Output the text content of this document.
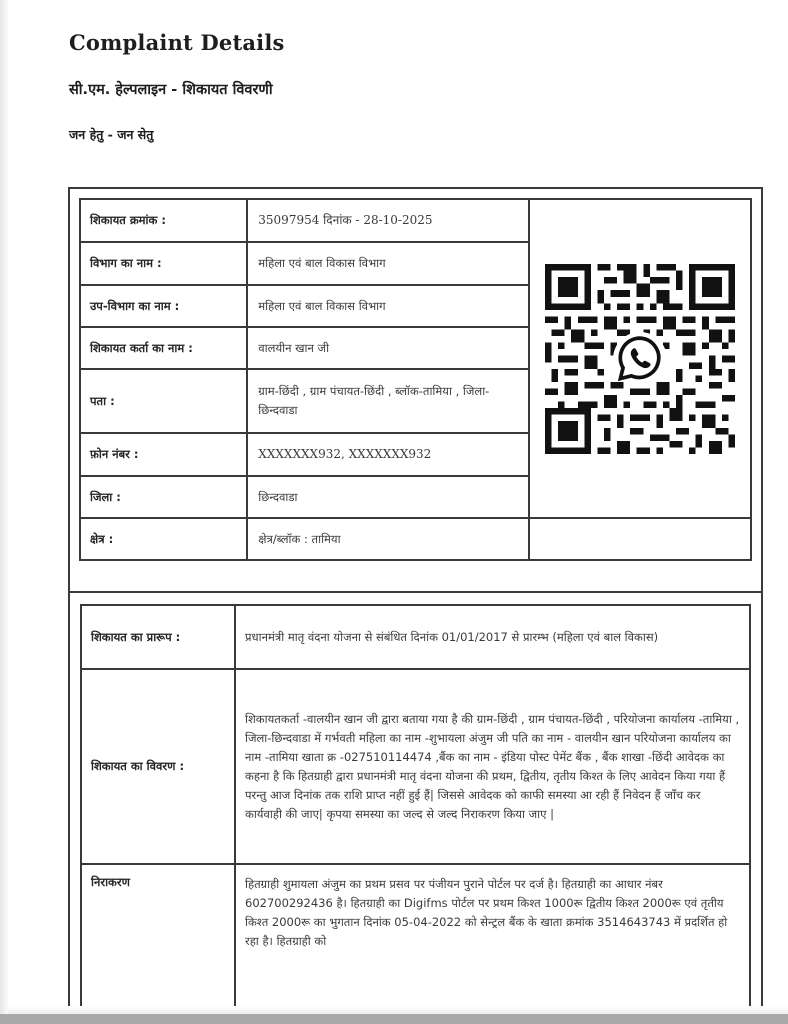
Complaint Details
सी.एम. हेल्पलाइन - शिकायत विवरणी
जन हेतु - जन सेतु
शिकायत क्रमांक :	35097954 दिनांक - 28-10-2025	

विभाग का नाम :	महिला एवं बाल विकास विभाग	
उप-विभाग का नाम :	महिला एवं बाल विकास विभाग	
शिकायत कर्ता का नाम :	वालयीन खान जी	
पता :	ग्राम-छिंदी , ग्राम पंचायत-छिंदी , ब्लॉक-तामिया , जिला-छिन्दवाडा	
फ़ोन नंबर :	XXXXXXX932, XXXXXXX932	
जिला :	छिन्दवाडा	
क्षेत्र :	क्षेत्र/ब्लॉक : तामिया	
शिकायत का प्रारूप :	प्रधानमंत्री मातृ वंदना योजना से संबंधित दिनांक 01/01/2017 से प्रारम्भ (महिला एवं बाल विकास)
शिकायत का विवरण :	शिकायतकर्ता -वालयीन खान जी द्वारा बताया गया है की ग्राम-छिंदी , ग्राम पंचायत-छिंदी , परियोजना कार्यालय -तामिया , जिला-छिन्दवाडा में गर्भवती महिला का नाम -शुभायला अंजुम जी पति का नाम - वालयीन खान परियोजना कार्यालय का नाम -तामिया खाता क्र -027510114474 ,बैंक का नाम - इंडिया पोस्ट पेमेंट बैंक , बैंक शाखा -छिंदी आवेदक का कहना है कि हितग्राही द्वारा प्रधानमंत्री मातृ वंदना योजना की प्रथम, द्वितीय, तृतीय किश्त के लिए आवेदन किया गया हैं परन्तु आज दिनांक तक राशि प्राप्त नहीं हुई हैं| जिससे आवेदक को काफी समस्या आ रही हैं निवेदन हैं जाँच कर कार्यवाही की जाए| कृपया समस्या का जल्द से जल्द निराकरण किया जाए |
निराकरण	हितग्राही शुमायला अंजुम का प्रथम प्रसव पर पंजीयन पुराने पोर्टल पर दर्ज है। हितग्राही का आधार नंबर 602700292436 है। हितग्राही का Digifms पोर्टल पर प्रथम किश्त 1000रू द्वितीय किश्त 2000रू एवं तृतीय किश्त 2000रू का भुगतान दिनांक 05-04-2022 को सेन्ट्रल बैंक के खाता क्रमांक 3514643743 में प्रदर्शित हो रहा है। हितग्राही को
